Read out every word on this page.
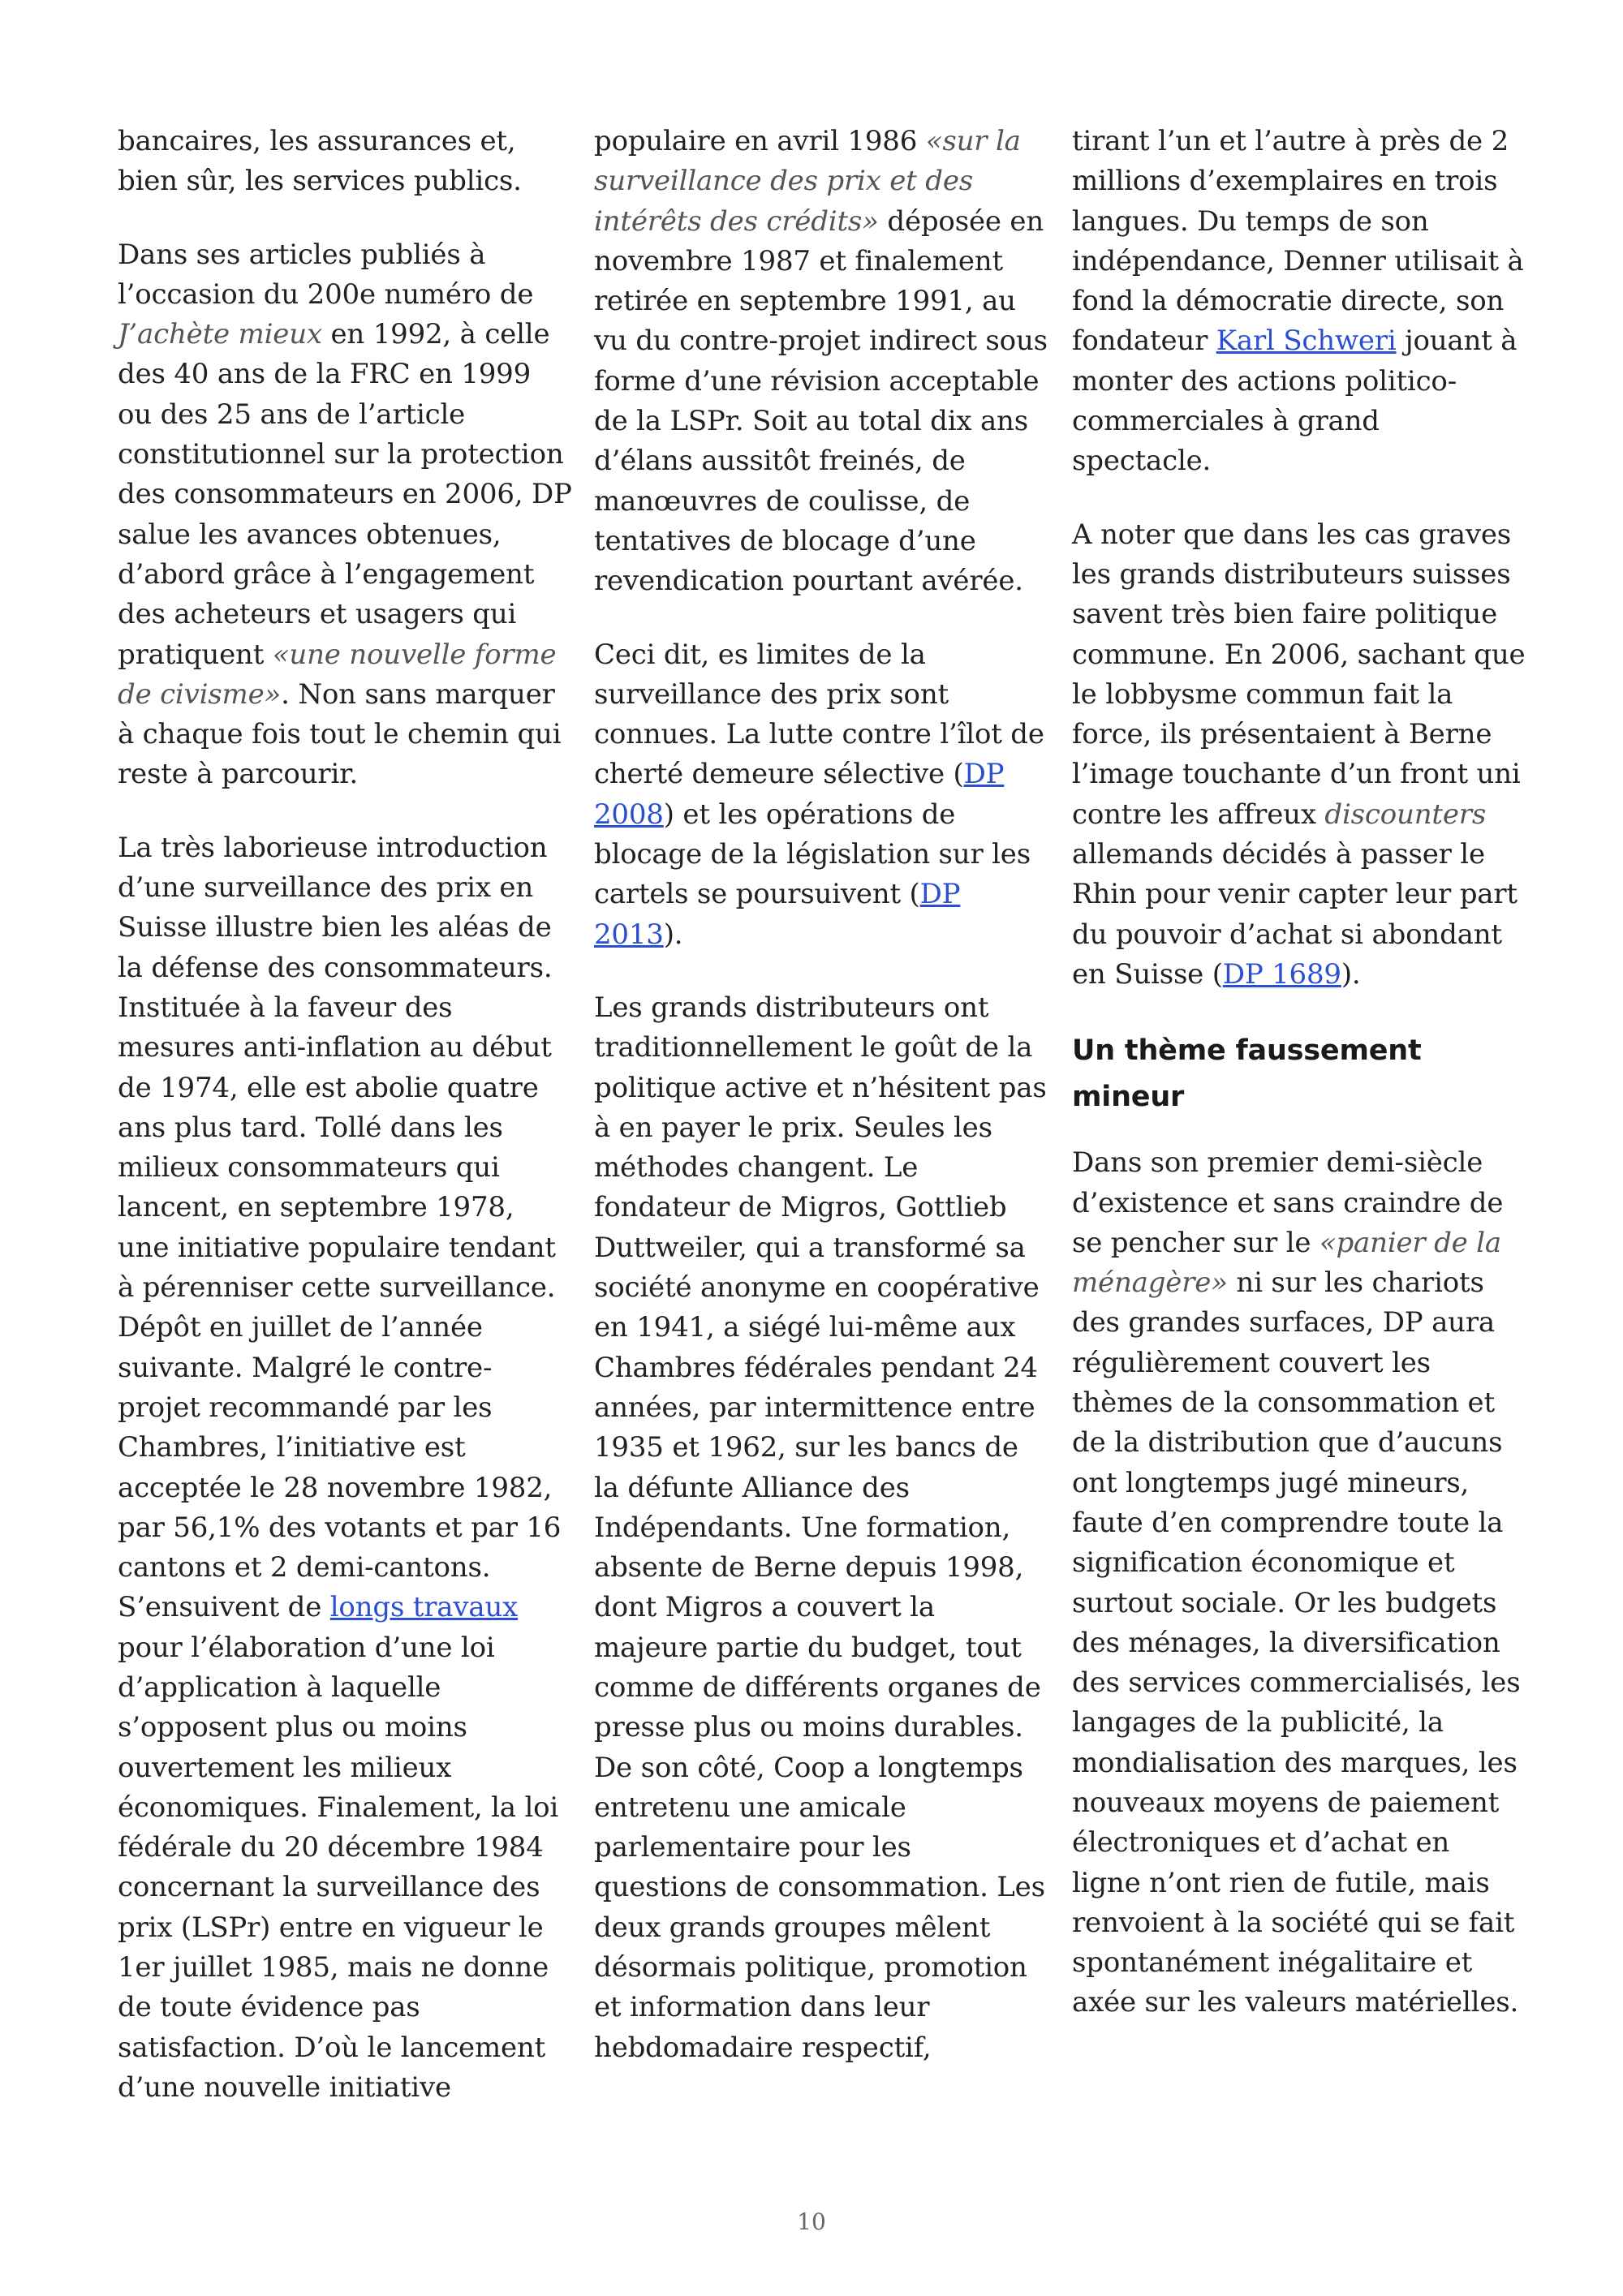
bancaires, les assurances et, bien sûr, les services publics.

Dans ses articles publiés à l’occasion du 200e numéro de J’achète mieux en 1992, à celle des 40 ans de la FRC en 1999 ou des 25 ans de l’article constitutionnel sur la protection des consommateurs en 2006, DP salue les avances obtenues, d’abord grâce à l’engagement des acheteurs et usagers qui pratiquent «une nouvelle forme de civisme». Non sans marquer à chaque fois tout le chemin qui reste à parcourir.

La très laborieuse introduction d’une surveillance des prix en Suisse illustre bien les aléas de la défense des consommateurs. Instituée à la faveur des mesures anti-inflation au début de 1974, elle est abolie quatre ans plus tard. Tollé dans les milieux consommateurs qui lancent, en septembre 1978, une initiative populaire tendant à pérenniser cette surveillance. Dépôt en juillet de l’année suivante. Malgré le contre-projet recommandé par les Chambres, l’initiative est acceptée le 28 novembre 1982, par 56,1% des votants et par 16 cantons et 2 demi-cantons. S’ensuivent de longs travaux pour l’élaboration d’une loi d’application à laquelle s’opposent plus ou moins ouvertement les milieux économiques. Finalement, la loi fédérale du 20 décembre 1984 concernant la surveillance des prix (LSPr) entre en vigueur le 1er juillet 1985, mais ne donne de toute évidence pas satisfaction. D’où le lancement d’une nouvelle initiative

populaire en avril 1986 «sur la surveillance des prix et des intérêts des crédits» déposée en novembre 1987 et finalement retirée en septembre 1991, au vu du contre-projet indirect sous forme d’une révision acceptable de la LSPr. Soit au total dix ans d’élans aussitôt freinés, de manœuvres de coulisse, de tentatives de blocage d’une revendication pourtant avérée.

Ceci dit, es limites de la surveillance des prix sont connues. La lutte contre l’îlot de cherté demeure sélective (DP 2008) et les opérations de blocage de la législation sur les cartels se poursuivent (DP 2013).

Les grands distributeurs ont traditionnellement le goût de la politique active et n’hésitent pas à en payer le prix. Seules les méthodes changent. Le fondateur de Migros, Gottlieb Duttweiler, qui a transformé sa société anonyme en coopérative en 1941, a siégé lui-même aux Chambres fédérales pendant 24 années, par intermittence entre 1935 et 1962, sur les bancs de la défunte Alliance des Indépendants. Une formation, absente de Berne depuis 1998, dont Migros a couvert la majeure partie du budget, tout comme de différents organes de presse plus ou moins durables. De son côté, Coop a longtemps entretenu une amicale parlementaire pour les questions de consommation. Les deux grands groupes mêlent désormais politique, promotion et information dans leur hebdomadaire respectif,

tirant l’un et l’autre à près de 2 millions d’exemplaires en trois langues. Du temps de son indépendance, Denner utilisait à fond la démocratie directe, son fondateur Karl Schweri jouant à monter des actions politico-commerciales à grand spectacle.

A noter que dans les cas graves les grands distributeurs suisses savent très bien faire politique commune. En 2006, sachant que le lobbysme commun fait la force, ils présentaient à Berne l’image touchante d’un front uni contre les affreux discounters allemands décidés à passer le Rhin pour venir capter leur part du pouvoir d’achat si abondant en Suisse (DP 1689).

Un thème faussement mineur

Dans son premier demi-siècle d’existence et sans craindre de se pencher sur le «panier de la ménagère» ni sur les chariots des grandes surfaces, DP aura régulièrement couvert les thèmes de la consommation et de la distribution que d’aucuns ont longtemps jugé mineurs, faute d’en comprendre toute la signification économique et surtout sociale. Or les budgets des ménages, la diversification des services commercialisés, les langages de la publicité, la mondialisation des marques, les nouveaux moyens de paiement électroniques et d’achat en ligne n’ont rien de futile, mais renvoient à la société qui se fait spontanément inégalitaire et axée sur les valeurs matérielles.

10
